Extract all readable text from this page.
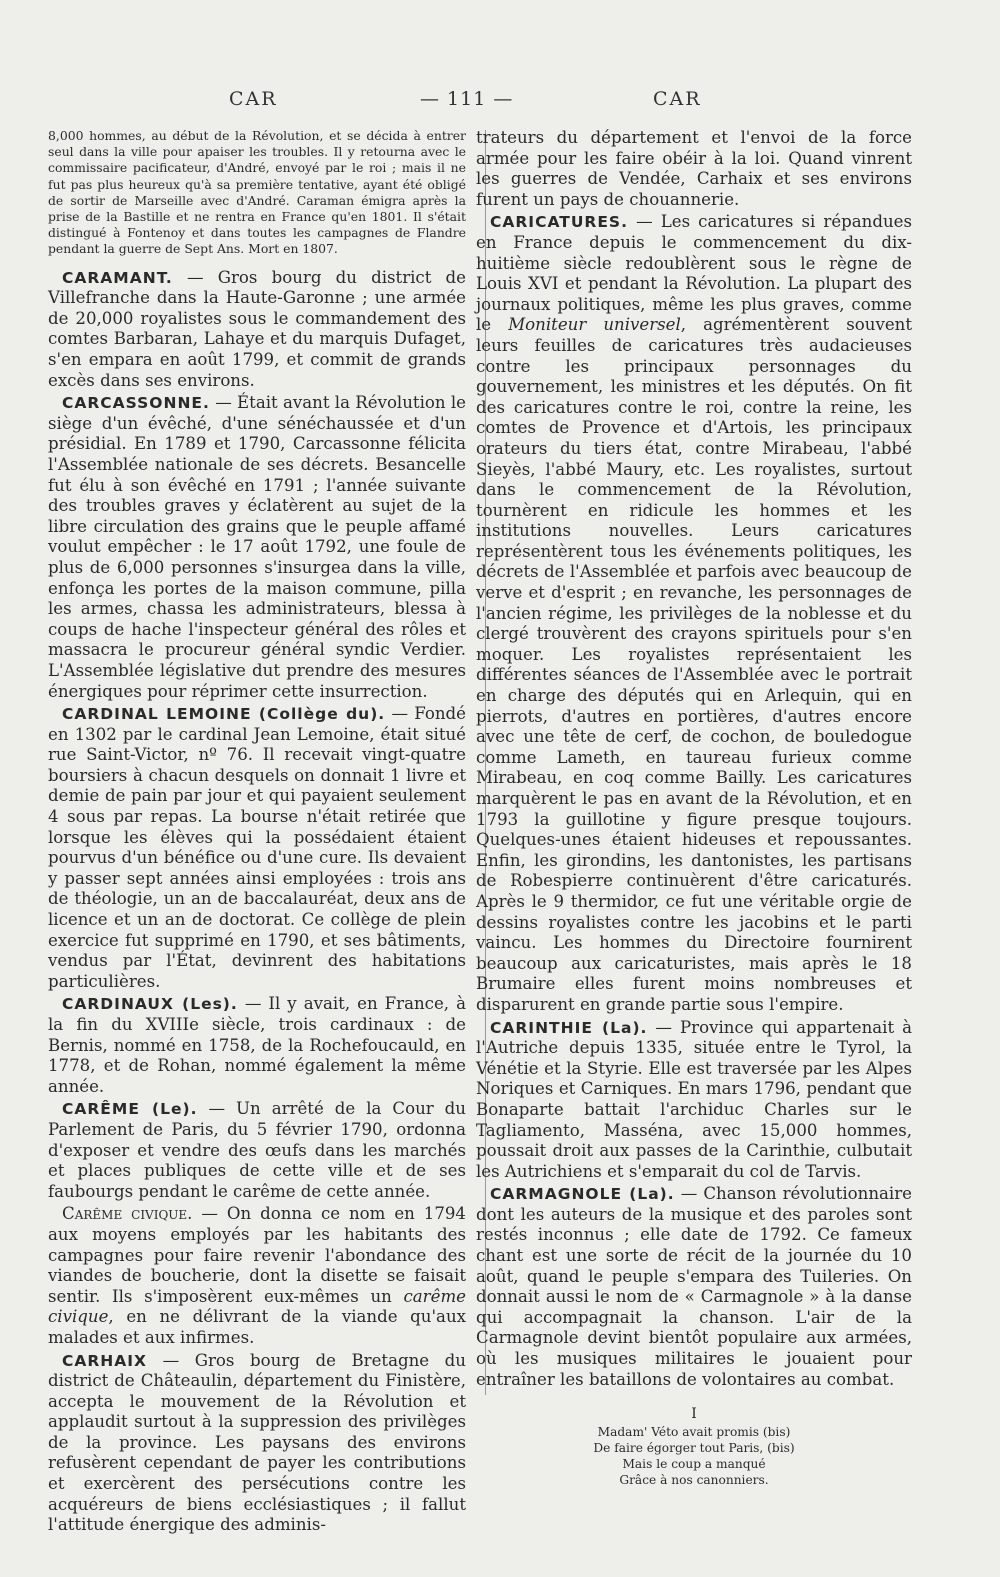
CAR	— 111 —	CAR

8,000 hommes, au début de la Révolution, et se décida à entrer seul dans la ville pour apaiser les troubles. Il y retourna avec le commissaire pacificateur, d'André, envoyé par le roi ; mais il ne fut pas plus heureux qu'à sa première tentative, ayant été obligé de sortir de Marseille avec d'André. Caraman émigra après la prise de la Bastille et ne rentra en France qu'en 1801. Il s'était distingué à Fontenoy et dans toutes les campagnes de Flandre pendant la guerre de Sept Ans. Mort en 1807.

CARAMANT. — Gros bourg du district de Villefranche dans la Haute-Garonne ; une armée de 20,000 royalistes sous le commandement des comtes Barbaran, Lahaye et du marquis Dufaget, s'en empara en août 1799, et commit de grands excès dans ses environs.

CARCASSONNE. — Était avant la Révolution le siège d'un évêché, d'une sénéchaussée et d'un présidial. En 1789 et 1790, Carcassonne félicita l'Assemblée nationale de ses décrets. Besancelle fut élu à son évêché en 1791 ; l'année suivante des troubles graves y éclatèrent au sujet de la libre circulation des grains que le peuple affamé voulut empêcher : le 17 août 1792, une foule de plus de 6,000 personnes s'insurgea dans la ville, enfonça les portes de la maison commune, pilla les armes, chassa les administrateurs, blessa à coups de hache l'inspecteur général des rôles et massacra le procureur général syndic Verdier. L'Assemblée législative dut prendre des mesures énergiques pour réprimer cette insurrection.

CARDINAL LEMOINE (Collège du). — Fondé en 1302 par le cardinal Jean Lemoine, était situé rue Saint-Victor, nº 76. Il recevait vingt-quatre boursiers à chacun desquels on donnait 1 livre et demie de pain par jour et qui payaient seulement 4 sous par repas. La bourse n'était retirée que lorsque les élèves qui la possédaient étaient pourvus d'un bénéfice ou d'une cure. Ils devaient y passer sept années ainsi employées : trois ans de théologie, un an de baccalauréat, deux ans de licence et un an de doctorat. Ce collège de plein exercice fut supprimé en 1790, et ses bâtiments, vendus par l'État, devinrent des habitations particulières.

CARDINAUX (Les). — Il y avait, en France, à la fin du XVIIIe siècle, trois cardinaux : de Bernis, nommé en 1758, de la Rochefoucauld, en 1778, et de Rohan, nommé également la même année.

CARÊME (Le). — Un arrêté de la Cour du Parlement de Paris, du 5 février 1790, ordonna d'exposer et vendre des œufs dans les marchés et places publiques de cette ville et de ses faubourgs pendant le carême de cette année.

Carême civique. — On donna ce nom en 1794 aux moyens employés par les habitants des campagnes pour faire revenir l'abondance des viandes de boucherie, dont la disette se faisait sentir. Ils s'imposèrent eux-mêmes un carême civique, en ne délivrant de la viande qu'aux malades et aux infirmes.

CARHAIX — Gros bourg de Bretagne du district de Châteaulin, département du Finistère, accepta le mouvement de la Révolution et applaudit surtout à la suppression des privilèges de la province. Les paysans des environs refusèrent cependant de payer les contributions et exercèrent des persécutions contre les acquéreurs de biens ecclésiastiques ; il fallut l'attitude énergique des adminis-

trateurs du département et l'envoi de la force armée pour les faire obéir à la loi. Quand vinrent les guerres de Vendée, Carhaix et ses environs furent un pays de chouannerie.

CARICATURES. — Les caricatures si répandues en France depuis le commencement du dix-huitième siècle redoublèrent sous le règne de Louis XVI et pendant la Révolution. La plupart des journaux politiques, même les plus graves, comme le Moniteur universel, agrémentèrent souvent leurs feuilles de caricatures très audacieuses contre les principaux personnages du gouvernement, les ministres et les députés. On fit des caricatures contre le roi, contre la reine, les comtes de Provence et d'Artois, les principaux orateurs du tiers état, contre Mirabeau, l'abbé Sieyès, l'abbé Maury, etc. Les royalistes, surtout dans le commencement de la Révolution, tournèrent en ridicule les hommes et les institutions nouvelles. Leurs caricatures représentèrent tous les événements politiques, les décrets de l'Assemblée et parfois avec beaucoup de verve et d'esprit ; en revanche, les personnages de l'ancien régime, les privilèges de la noblesse et du clergé trouvèrent des crayons spirituels pour s'en moquer. Les royalistes représentaient les différentes séances de l'Assemblée avec le portrait en charge des députés qui en Arlequin, qui en pierrots, d'autres en portières, d'autres encore avec une tête de cerf, de cochon, de bouledogue comme Lameth, en taureau furieux comme Mirabeau, en coq comme Bailly. Les caricatures marquèrent le pas en avant de la Révolution, et en 1793 la guillotine y figure presque toujours. Quelques-unes étaient hideuses et repoussantes. Enfin, les girondins, les dantonistes, les partisans de Robespierre continuèrent d'être caricaturés. Après le 9 thermidor, ce fut une véritable orgie de dessins royalistes contre les jacobins et le parti vaincu. Les hommes du Directoire fournirent beaucoup aux caricaturistes, mais après le 18 Brumaire elles furent moins nombreuses et disparurent en grande partie sous l'empire.

CARINTHIE (La). — Province qui appartenait à l'Autriche depuis 1335, située entre le Tyrol, la Vénétie et la Styrie. Elle est traversée par les Alpes Noriques et Carniques. En mars 1796, pendant que Bonaparte battait l'archiduc Charles sur le Tagliamento, Masséna, avec 15,000 hommes, poussait droit aux passes de la Carinthie, culbutait les Autrichiens et s'emparait du col de Tarvis.

CARMAGNOLE (La). — Chanson révolutionnaire dont les auteurs de la musique et des paroles sont restés inconnus ; elle date de 1792. Ce fameux chant est une sorte de récit de la journée du 10 août, quand le peuple s'empara des Tuileries. On donnait aussi le nom de « Carmagnole » à la danse qui accompagnait la chanson. L'air de la Carmagnole devint bientôt populaire aux armées, où les musiques militaires le jouaient pour entraîner les bataillons de volontaires au combat.

I
Madam' Véto avait promis (bis)
De faire égorger tout Paris, (bis)
Mais le coup a manqué
Grâce à nos canonniers.
